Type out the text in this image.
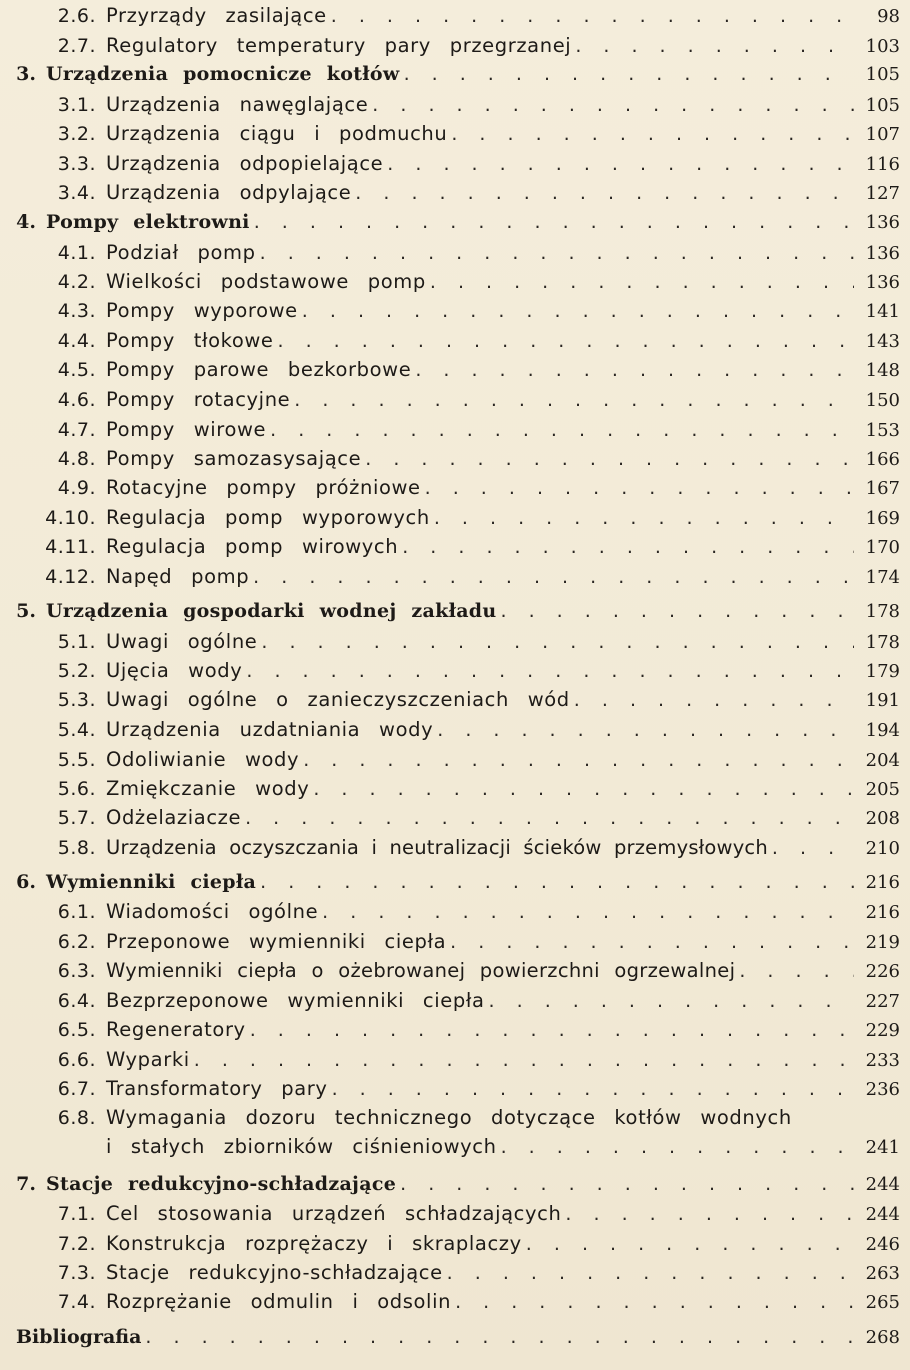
2.6. Przyrządy zasilające . . .	98
2.7. Regulatory temperatury pary przegrzanej . . .	103
3. Urządzenia pomocnicze kotłów . . .	105
3.1. Urządzenia nawęglające . . .	105
3.2. Urządzenia ciągu i podmuchu . . .	107
3.3. Urządzenia odpopielające . . .	116
3.4. Urządzenia odpylające . . .	127
4. Pompy elektrowni . . .	136
4.1. Podział pomp . . .	136
4.2. Wielkości podstawowe pomp . . .	136
4.3. Pompy wyporowe . . .	141
4.4. Pompy tłokowe . . .	143
4.5. Pompy parowe bezkorbowe . . .	148
4.6. Pompy rotacyjne . . .	150
4.7. Pompy wirowe . . .	153
4.8. Pompy samozasysające . . .	166
4.9. Rotacyjne pompy próżniowe . . .	167
4.10. Regulacja pomp wyporowych . . .	169
4.11. Regulacja pomp wirowych . . .	170
4.12. Napęd pomp . . .	174
5. Urządzenia gospodarki wodnej zakładu . . .	178
5.1. Uwagi ogólne . . .	178
5.2. Ujęcia wody . . .	179
5.3. Uwagi ogólne o zanieczyszczeniach wód . . .	191
5.4. Urządzenia uzdatniania wody . . .	194
5.5. Odoliwianie wody . . .	204
5.6. Zmiękczanie wody . . .	205
5.7. Odżelaziacze . . .	208
5.8. Urządzenia oczyszczania i neutralizacji ścieków przemysłowych . . .	210
6. Wymienniki ciepła . . .	216
6.1. Wiadomości ogólne . . .	216
6.2. Przeponowe wymienniki ciepła . . .	219
6.3. Wymienniki ciepła o ożebrowanej powierzchni ogrzewalnej . . .	226
6.4. Bezprzeponowe wymienniki ciepła . . .	227
6.5. Regeneratory . . .	229
6.6. Wyparki . . .	233
6.7. Transformatory pary . . .	236
6.8. Wymagania dozoru technicznego dotyczące kotłów wodnych
i stałych zbiorników ciśnieniowych . . .	241
7. Stacje redukcyjno-schładzające . . .	244
7.1. Cel stosowania urządzeń schładzających . . .	244
7.2. Konstrukcja rozprężaczy i skraplaczy . . .	246
7.3. Stacje redukcyjno-schładzające . . .	263
7.4. Rozprężanie odmulin i odsolin . . .	265
Bibliografia . . .	268
